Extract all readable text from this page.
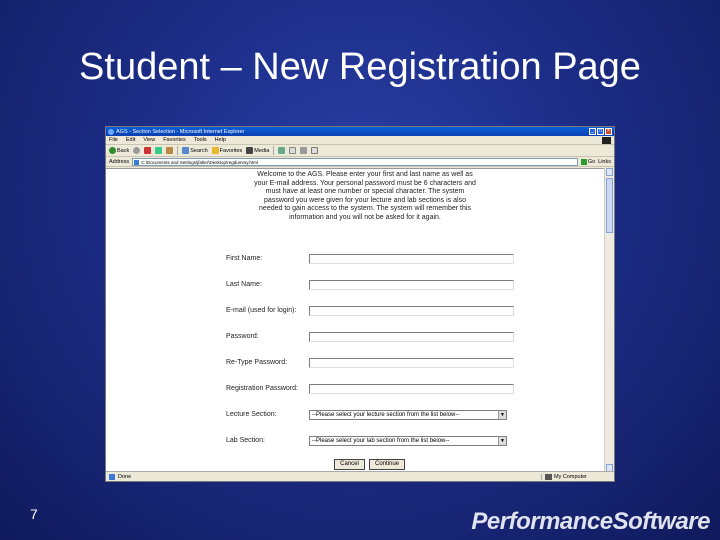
Student – New Registration Page
AGS - Section Selection - Microsoft Internet Explorer	_	□	×
File Edit View Favorites Tools Help
Back	Search Favorites Media
Address	C:\Documents and Settings\jfalter\Desktop\regdummy.html	Go Links
Welcome to the AGS. Please enter your first and last name as well as your E-mail address. Your personal password must be 6 characters and must have at least one number or special character. The system password you were given for your lecture and lab sections is also needed to gain access to the system. The system will remember this information and you will not be asked for it again.
First Name:
Last Name:
E-mail (used for login):
Password:
Re-Type Password:
Registration Password:
Lecture Section:	--Please select your lecture section from the list below--	▼
Lab Section:	--Please select your lab section from the list below--	▼
Cancel	Continue
Done	My Computer
7	PerformanceSoftware
